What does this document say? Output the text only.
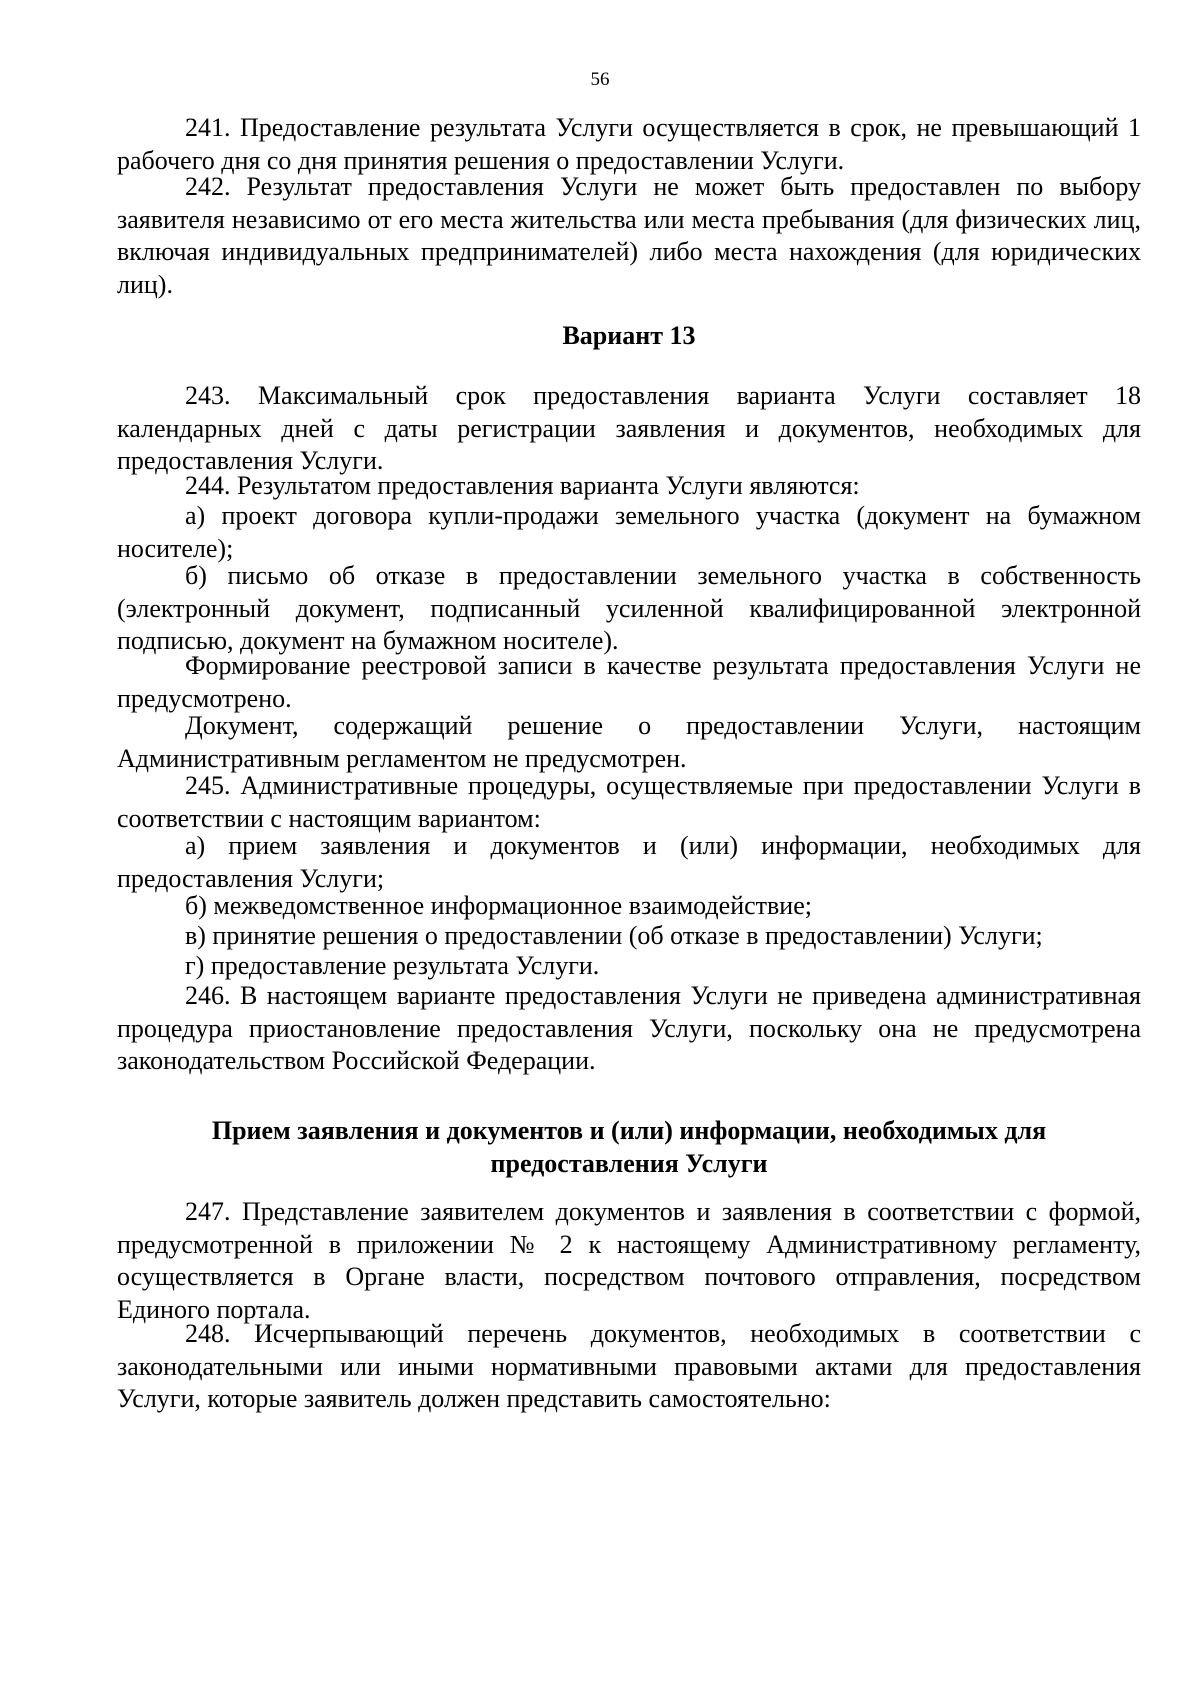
56

241. Предоставление результата Услуги осуществляется в срок, не превышающий 1 рабочего дня со дня принятия решения о предоставлении Услуги.

242. Результат предоставления Услуги не может быть предоставлен по выбору заявителя независимо от его места жительства или места пребывания (для физических лиц, включая индивидуальных предпринимателей) либо места нахождения (для юридических лиц).

Вариант 13

243. Максимальный срок предоставления варианта Услуги составляет 18 календарных дней с даты регистрации заявления и документов, необходимых для предоставления Услуги.

244. Результатом предоставления варианта Услуги являются:

а) проект договора купли-продажи земельного участка (документ на бумажном носителе);

б) письмо об отказе в предоставлении земельного участка в собственность (электронный документ, подписанный усиленной квалифицированной электронной подписью, документ на бумажном носителе).

Формирование реестровой записи в качестве результата предоставления Услуги не предусмотрено.

Документ, содержащий решение о предоставлении Услуги, настоящим Административным регламентом не предусмотрен.

245. Административные процедуры, осуществляемые при предоставлении Услуги в соответствии с настоящим вариантом:

а) прием заявления и документов и (или) информации, необходимых для предоставления Услуги;

б) межведомственное информационное взаимодействие;

в) принятие решения о предоставлении (об отказе в предоставлении) Услуги;

г) предоставление результата Услуги.

246. В настоящем варианте предоставления Услуги не приведена административная процедура приостановление предоставления Услуги, поскольку она не предусмотрена законодательством Российской Федерации.

Прием заявления и документов и (или) информации, необходимых для предоставления Услуги

247. Представление заявителем документов и заявления в соответствии с формой, предусмотренной в приложении № 2 к настоящему Административному регламенту, осуществляется в Органе власти, посредством почтового отправления, посредством Единого портала.

248. Исчерпывающий перечень документов, необходимых в соответствии с законодательными или иными нормативными правовыми актами для предоставления Услуги, которые заявитель должен представить самостоятельно:
